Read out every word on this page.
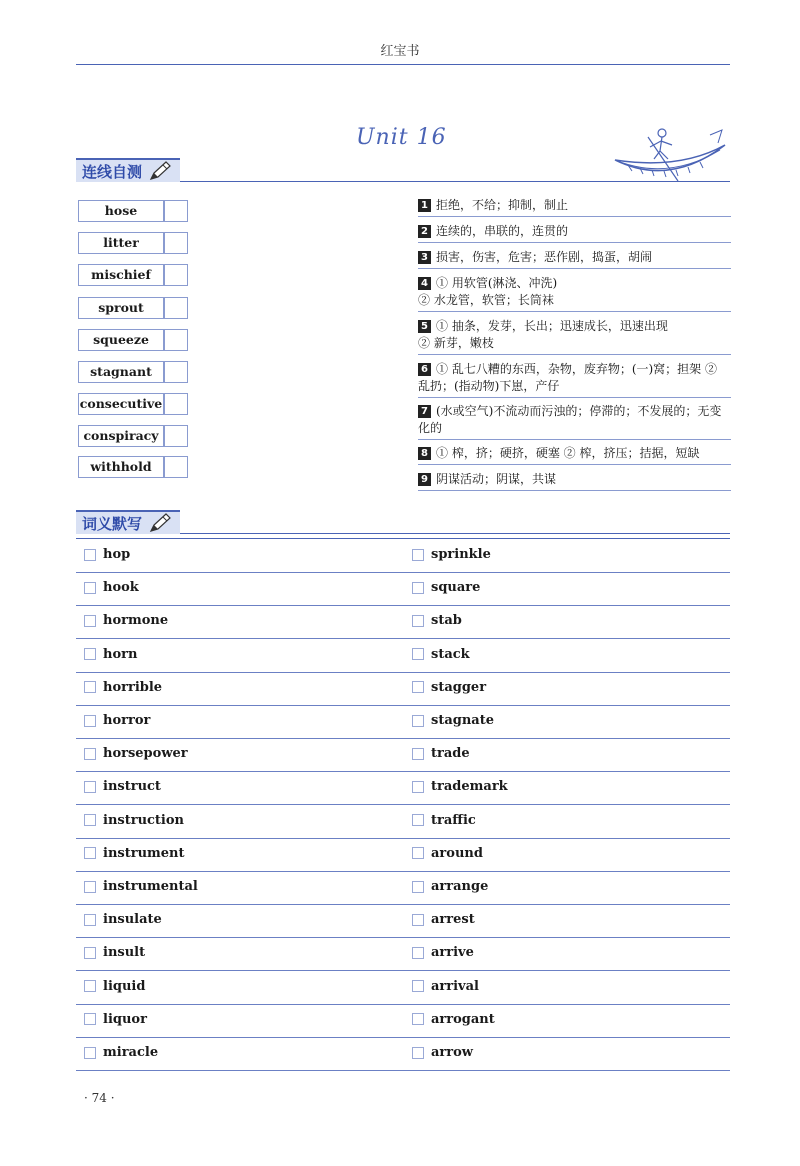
红宝书
Unit 16
连线自测
hose
litter
mischief
sprout
squeeze
stagnant
consecutive
conspiracy
withhold
1 拒绝，不给；抑制，制止
2 连续的，串联的，连贯的
3 损害，伤害，危害；恶作剧，捣蛋，胡闹
4 ① 用软管(淋浇、冲洗)
② 水龙管，软管；长筒袜
5 ① 抽条，发芽，长出；迅速成长，迅速出现
② 新芽，嫩枝
6 ① 乱七八糟的东西，杂物，废弃物；(一)窝；担架 ② 乱扔；(指动物)下崽，产仔
7 (水或空气)不流动而污浊的；停滞的；不发展的；无变化的
8 ① 榨，挤；硬挤，硬塞 ② 榨，挤压；拮据，短缺
9 阴谋活动；阴谋，共谋
词义默写
hop	sprinkle
hook	square
hormone	stab
horn	stack
horrible	stagger
horror	stagnate
horsepower	trade
instruct	trademark
instruction	traffic
instrument	around
instrumental	arrange
insulate	arrest
insult	arrive
liquid	arrival
liquor	arrogant
miracle	arrow
· 74 ·
